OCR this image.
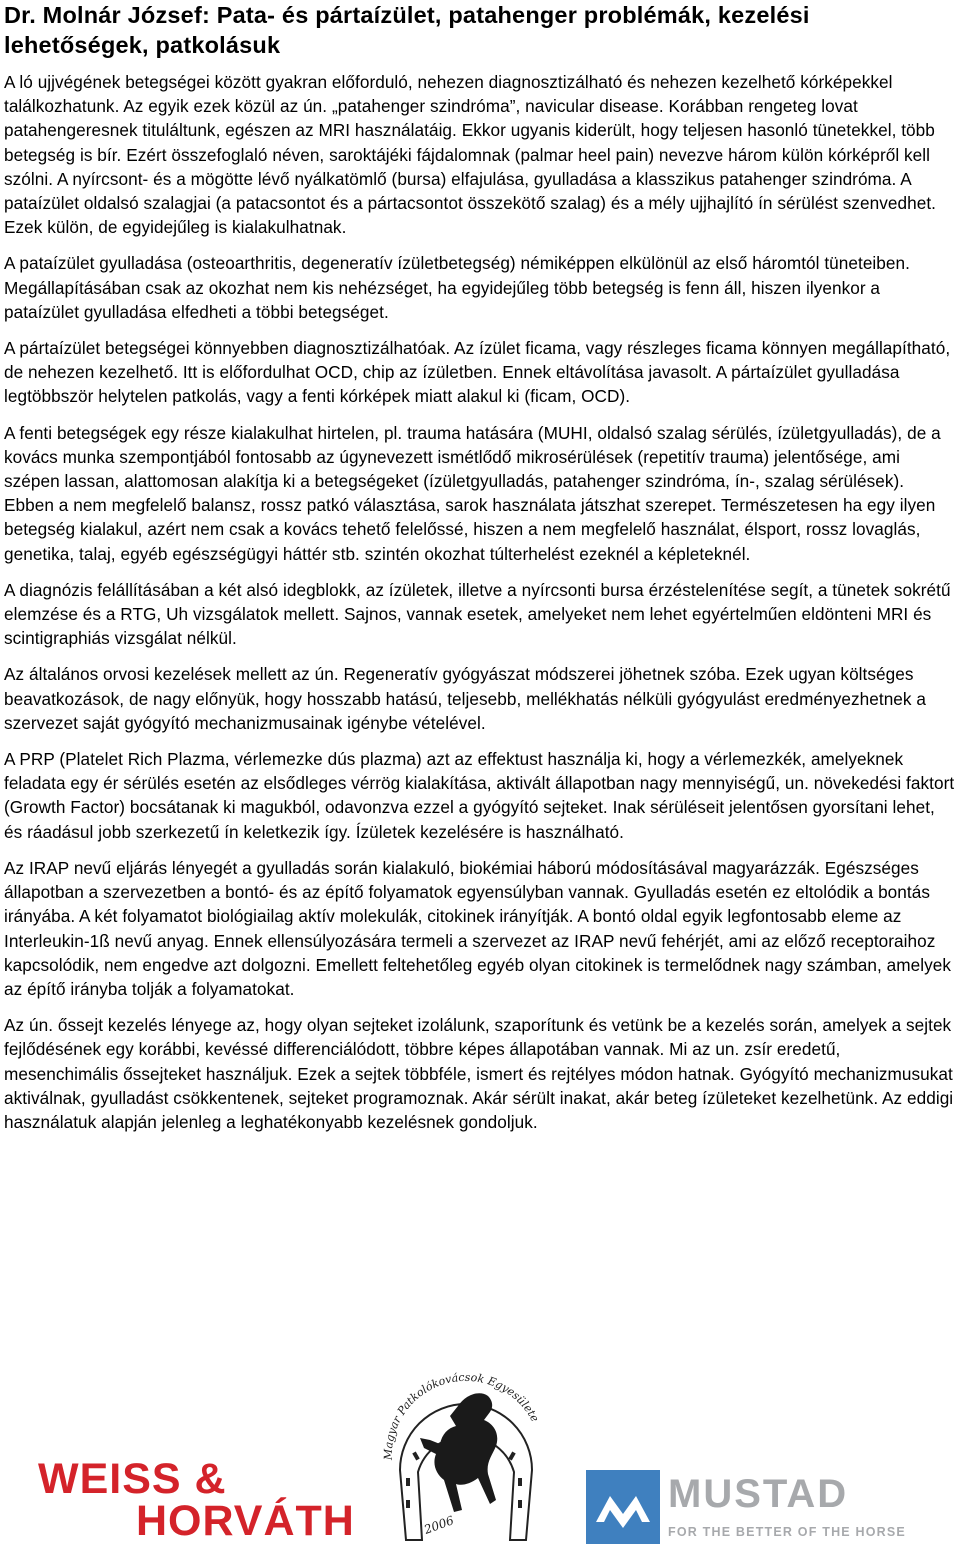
Dr. Molnár József: Pata- és pártaízület, patahenger problémák, kezelési lehetőségek, patkolásuk

A ló ujjvégének betegségei között gyakran előforduló, nehezen diagnosztizálható és nehezen kezelhető kórképekkel találkozhatunk. Az egyik ezek közül az ún. „patahenger szindróma”, navicular disease. Korábban rengeteg lovat patahengeresnek tituláltunk, egészen az MRI használatáig. Ekkor ugyanis kiderült, hogy teljesen hasonló tünetekkel, több betegség is bír. Ezért összefoglaló néven, saroktájéki fájdalomnak (palmar heel pain) nevezve három külön kórképről kell szólni. A nyírcsont- és a mögötte lévő nyálkatömlő (bursa) elfajulása, gyulladása a klasszikus patahenger szindróma. A pataízület oldalsó szalagjai (a patacsontot és a pártacsontot összekötő szalag) és a mély ujjhajlító ín sérülést szenvedhet. Ezek külön, de egyidejűleg is kialakulhatnak.

A pataízület gyulladása (osteoarthritis, degeneratív ízületbetegség) némiképpen elkülönül az első háromtól tüneteiben. Megállapításában csak az okozhat nem kis nehézséget, ha egyidejűleg több betegség is fenn áll, hiszen ilyenkor a pataízület gyulladása elfedheti a többi betegséget.

A pártaízület betegségei könnyebben diagnosztizálhatóak. Az ízület ficama, vagy részleges ficama könnyen megállapítható, de nehezen kezelhető. Itt is előfordulhat OCD, chip az ízületben. Ennek eltávolítása javasolt. A pártaízület gyulladása legtöbbször helytelen patkolás, vagy a fenti kórképek miatt alakul ki (ficam, OCD).

A fenti betegségek egy része kialakulhat hirtelen, pl. trauma hatására (MUHI, oldalsó szalag sérülés, ízületgyulladás), de a kovács munka szempontjából fontosabb az úgynevezett ismétlődő mikrosérülések (repetitív trauma) jelentősége, ami szépen lassan, alattomosan alakítja ki a betegségeket (ízületgyulladás, patahenger szindróma, ín-, szalag sérülések). Ebben a nem megfelelő balansz, rossz patkó választása, sarok használata játszhat szerepet. Természetesen ha egy ilyen betegség kialakul, azért nem csak a kovács tehető felelőssé, hiszen a nem megfelelő használat, élsport, rossz lovaglás, genetika, talaj, egyéb egészségügyi háttér stb. szintén okozhat túlterhelést ezeknél a képleteknél.

A diagnózis felállításában a két alsó idegblokk, az ízületek, illetve a nyírcsonti bursa érzéstelenítése segít, a tünetek sokrétű elemzése és a RTG, Uh vizsgálatok mellett. Sajnos, vannak esetek, amelyeket nem lehet egyértelműen eldönteni MRI és scintigraphiás vizsgálat nélkül.

Az általános orvosi kezelések mellett az ún. Regeneratív gyógyászat módszerei jöhetnek szóba. Ezek ugyan költséges beavatkozások, de nagy előnyük, hogy hosszabb hatású, teljesebb, mellékhatás nélküli gyógyulást eredményezhetnek a szervezet saját gyógyító mechanizmusainak igénybe vételével.

A PRP (Platelet Rich Plazma, vérlemezke dús plazma) azt az effektust használja ki, hogy a vérlemezkék, amelyeknek feladata egy ér sérülés esetén az elsődleges vérrög kialakítása, aktivált állapotban nagy mennyiségű, un. növekedési faktort (Growth Factor) bocsátanak ki magukból, odavonzva ezzel a gyógyító sejteket. Inak sérüléseit jelentősen gyorsítani lehet, és ráadásul jobb szerkezetű ín keletkezik így. Ízületek kezelésére is használható.

Az IRAP nevű eljárás lényegét a gyulladás során kialakuló, biokémiai háború módosításával magyarázzák. Egészséges állapotban a szervezetben a bontó- és az építő folyamatok egyensúlyban vannak. Gyulladás esetén ez eltolódik a bontás irányába. A két folyamatot biológiailag aktív molekulák, citokinek irányítják. A bontó oldal egyik legfontosabb eleme az Interleukin-1ß nevű anyag. Ennek ellensúlyozására termeli a szervezet az IRAP nevű fehérjét, ami az előző receptoraihoz kapcsolódik, nem engedve azt dolgozni. Emellett feltehetőleg egyéb olyan citokinek is termelődnek nagy számban, amelyek az építő irányba tolják a folyamatokat.

Az ún. őssejt kezelés lényege az, hogy olyan sejteket izolálunk, szaporítunk és vetünk be a kezelés során, amelyek a sejtek fejlődésének egy korábbi, kevéssé differenciálódott, többre képes állapotában vannak. Mi az un. zsír eredetű, mesenchimális őssejteket használjuk. Ezek a sejtek többféle, ismert és rejtélyes módon hatnak. Gyógyító mechanizmusukat aktiválnak, gyulladást csökkentenek, sejteket programoznak. Akár sérült inakat, akár beteg ízületeket kezelhetünk. Az eddigi használatuk alapján jelenleg a leghatékonyabb kezelésnek gondoljuk.

WEISS &
HORVÁTH
Magyar Patkolókovácsok Egyesülete
2006
MUSTAD
FOR THE BETTER OF THE HORSE
